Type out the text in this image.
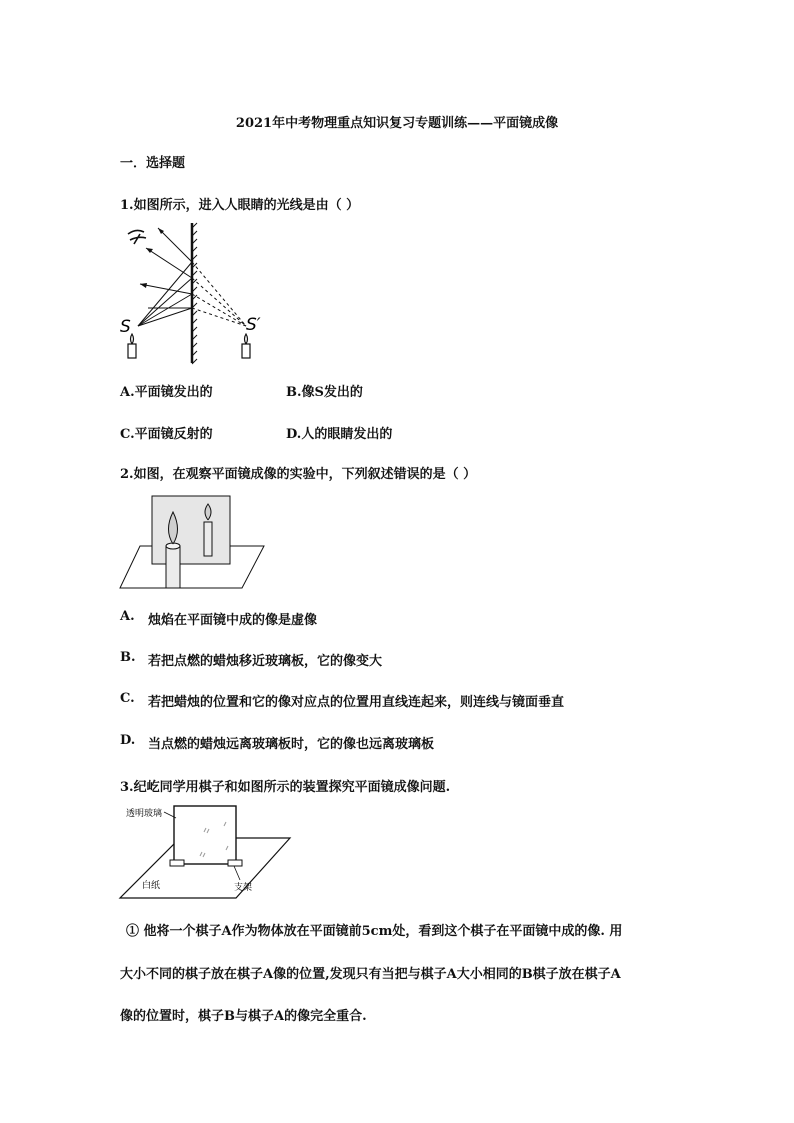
2021年中考物理重点知识复习专题训练——平面镜成像
一．选择题
1.如图所示，进入人眼睛的光线是由（ ）
S	S′
A.平面镜发出的	B.像S发出的
C.平面镜反射的	D.人的眼睛发出的
2.如图，在观察平面镜成像的实验中，下列叙述错误的是（ ）
A. 烛焰在平面镜中成的像是虚像
B. 若把点燃的蜡烛移近玻璃板，它的像变大
C. 若把蜡烛的位置和它的像对应点的位置用直线连起来，则连线与镜面垂直
D. 当点燃的蜡烛远离玻璃板时，它的像也远离玻璃板
3.纪屹同学用棋子和如图所示的装置探究平面镜成像问题.
透明玻璃
白纸	支架
① 他将一个棋子A作为物体放在平面镜前5cm处，看到这个棋子在平面镜中成的像. 用
大小不同的棋子放在棋子A像的位置,发现只有当把与棋子A大小相同的B棋子放在棋子A
像的位置时，棋子B与棋子A的像完全重合.
